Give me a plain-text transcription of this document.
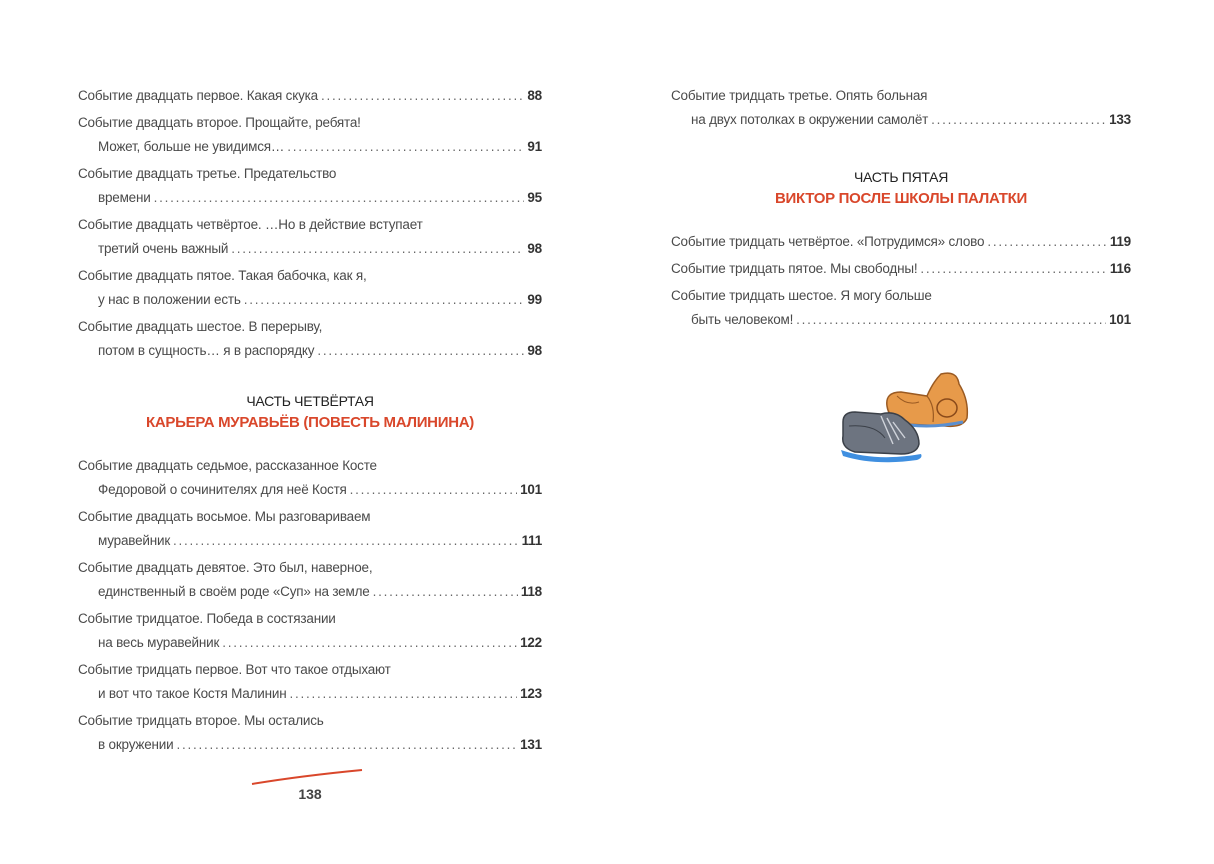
Событие двадцать первое. Какая скука . . .	88
Событие двадцать второе. Прощайте, ребята!
Может, больше не увидимся… . . .	91
Событие двадцать третье. Предательство
времени . . .	95
Событие двадцать четвёртое. …Но в действие вступает
третий очень важный . . .	98
Событие двадцать пятое. Такая бабочка, как я,
у нас в положении есть . . .	99
Событие двадцать шестое. В перерыву,
потом в сущность… я в распорядку . . .	98
ЧАСТЬ ЧЕТВЁРТАЯ
КАРЬЕРА МУРАВЬЁВ (ПОВЕСТЬ МАЛИНИНА)
Событие двадцать седьмое, рассказанное Косте
Федоровой о сочинителях для неё Костя . . .	101
Событие двадцать восьмое. Мы разговариваем
муравейник . . .	111
Событие двадцать девятое. Это был, наверное,
единственный в своём роде «Суп» на земле . . .	118
Событие тридцатое. Победа в состязании
на весь муравейник . . .	122
Событие тридцать первое. Вот что такое отдыхают
и вот что такое Костя Малинин . . .	123
Событие тридцать второе. Мы остались
в окружении . . .	131
138
Событие тридцать третье. Опять больная
на двух потолках в окружении самолёт . . .	133
ЧАСТЬ ПЯТАЯ
ВИКТОР ПОСЛЕ ШКОЛЫ ПАЛАТКИ
Событие тридцать четвёртое. «Потрудимся» слово . . .	119
Событие тридцать пятое. Мы свободны! . . .	116
Событие тридцать шестое. Я могу больше
быть человеком! . . .	101
